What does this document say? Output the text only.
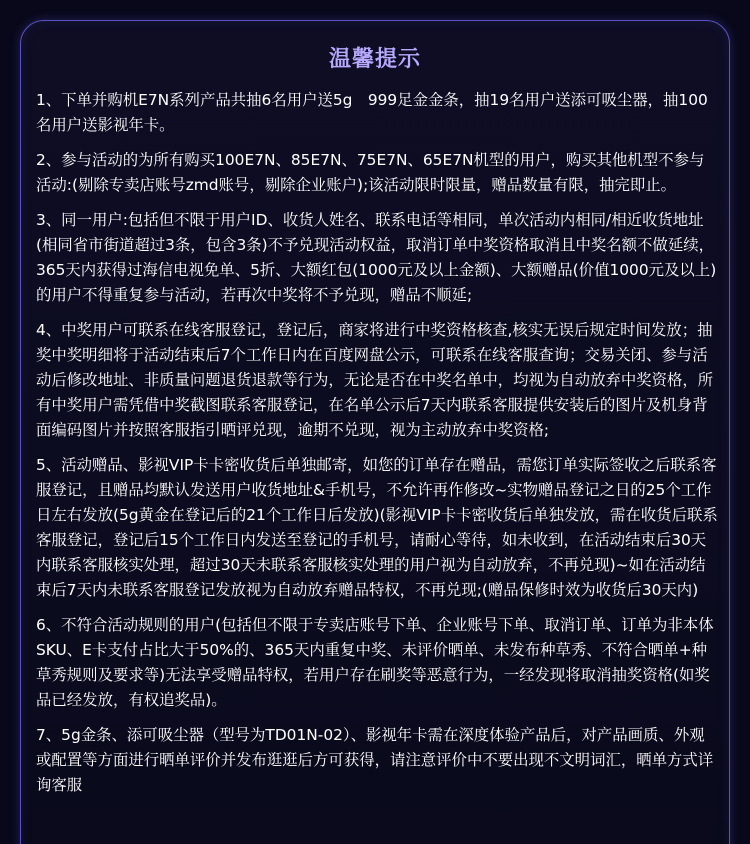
温馨提示
1、下单并购机E7N系列产品共抽6名用户送5g　999足金金条，抽19名用户送添可吸尘器，抽100名用户送影视年卡。
2、参与活动的为所有购买100E7N、85E7N、75E7N、65E7N机型的用户，购买其他机型不参与活动:(剔除专卖店账号zmd账号，剔除企业账户);该活动限时限量，赠品数量有限，抽完即止。
3、同一用户:包括但不限于用户ID、收货人姓名、联系电话等相同，单次活动内相同/相近收货地址(相同省市街道超过3条，包含3条)不予兑现活动权益，取消订单中奖资格取消且中奖名额不做延续，365天内获得过海信电视免单、5折、大额红包(1000元及以上金额)、大额赠品(价值1000元及以上)的用户不得重复参与活动，若再次中奖将不予兑现，赠品不顺延;
4、中奖用户可联系在线客服登记，登记后，商家将进行中奖资格核查,核实无误后规定时间发放；抽奖中奖明细将于活动结束后7个工作日内在百度网盘公示，可联系在线客服查询；交易关闭、参与活动后修改地址、非质量问题退货退款等行为，无论是否在中奖名单中，均视为自动放弃中奖资格，所有中奖用户需凭借中奖截图联系客服登记，在名单公示后7天内联系客服提供安装后的图片及机身背面编码图片并按照客服指引晒评兑现，逾期不兑现，视为主动放弃中奖资格;
5、活动赠品、影视VIP卡卡密收货后单独邮寄，如您的订单存在赠品，需您订单实际签收之后联系客服登记，且赠品均默认发送用户收货地址&手机号，不允许再作修改~实物赠品登记之日的25个工作日左右发放(5g黄金在登记后的21个工作日后发放)(影视VIP卡卡密收货后单独发放，需在收货后联系客服登记，登记后15个工作日内发送至登记的手机号，请耐心等待，如未收到，在活动结束后30天内联系客服核实处理，超过30天未联系客服核实处理的用户视为自动放弃，不再兑现)~如在活动结束后7天内未联系客服登记发放视为自动放弃赠品特权，不再兑现;(赠品保修时效为收货后30天内)
6、不符合活动规则的用户(包括但不限于专卖店账号下单、企业账号下单、取消订单、订单为非本体SKU、E卡支付占比大于50%的、365天内重复中奖、未评价晒单、未发布种草秀、不符合晒单+种草秀规则及要求等)无法享受赠品特权，若用户存在刷奖等恶意行为，一经发现将取消抽奖资格(如奖品已经发放，有权追奖品)。
7、5g金条、添可吸尘器（型号为TD01N-02）、影视年卡需在深度体验产品后，对产品画质、外观或配置等方面进行晒单评价并发布逛逛后方可获得，请注意评价中不要出现不文明词汇，晒单方式详询客服
